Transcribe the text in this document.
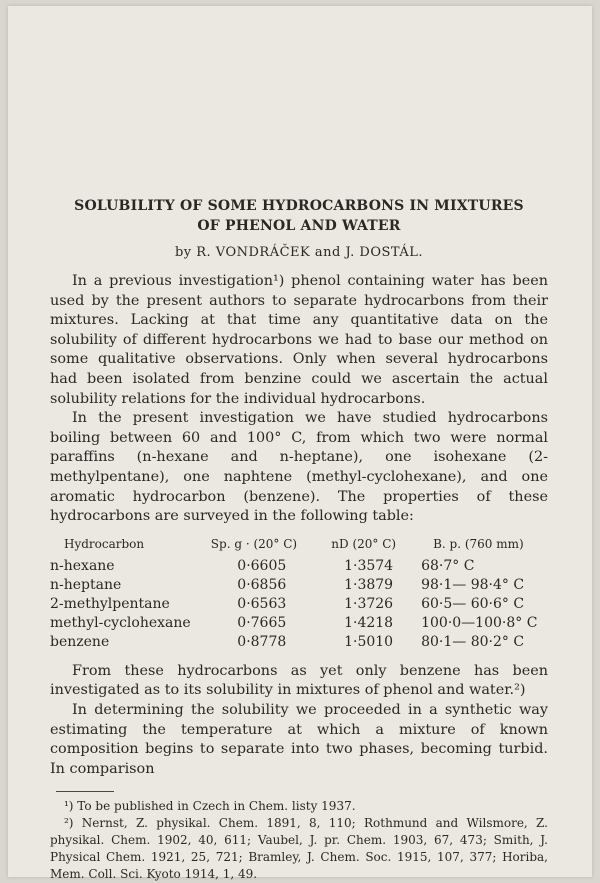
SOLUBILITY OF SOME HYDROCARBONS IN MIXTURES
OF PHENOL AND WATER
by R. VONDRÁČEK and J. DOSTÁL.

In a previous investigation¹) phenol containing water has been used by the present authors to separate hydrocarbons from their mixtures. Lacking at that time any quantitative data on the solubility of different hydrocarbons we had to base our method on some qualitative observations. Only when several hydrocarbons had been isolated from benzine could we ascertain the actual solubility relations for the individual hydrocarbons.

In the present investigation we have studied hydrocarbons boiling between 60 and 100° C, from which two were normal paraffins (n-hexane and n-heptane), one isohexane (2-methylpentane), one naphtene (methyl-cyclohexane), and one aromatic hydrocarbon (benzene). The properties of these hydrocarbons are surveyed in the following table:

Hydrocarbon	Sp. g · (20° C)	nD (20° C)	B. p. (760 mm)
n-hexane	0·6605	1·3574	68·7° C
n-heptane	0·6856	1·3879	98·1— 98·4° C
2-methylpentane	0·6563	1·3726	60·5— 60·6° C
methyl-cyclohexane	0·7665	1·4218	100·0—100·8° C
benzene	0·8778	1·5010	80·1— 80·2° C

From these hydrocarbons as yet only benzene has been investigated as to its solubility in mixtures of phenol and water.²)

In determining the solubility we proceeded in a synthetic way estimating the temperature at which a mixture of known composition begins to separate into two phases, becoming turbid. In comparison

¹) To be published in Czech in Chem. listy 1937.

²) Nernst, Z. physikal. Chem. 1891, 8, 110; Rothmund and Wilsmore, Z. physikal. Chem. 1902, 40, 611; Vaubel, J. pr. Chem. 1903, 67, 473; Smith, J. Physical Chem. 1921, 25, 721; Bramley, J. Chem. Soc. 1915, 107, 377; Horiba, Mem. Coll. Sci. Kyoto 1914, 1, 49.
